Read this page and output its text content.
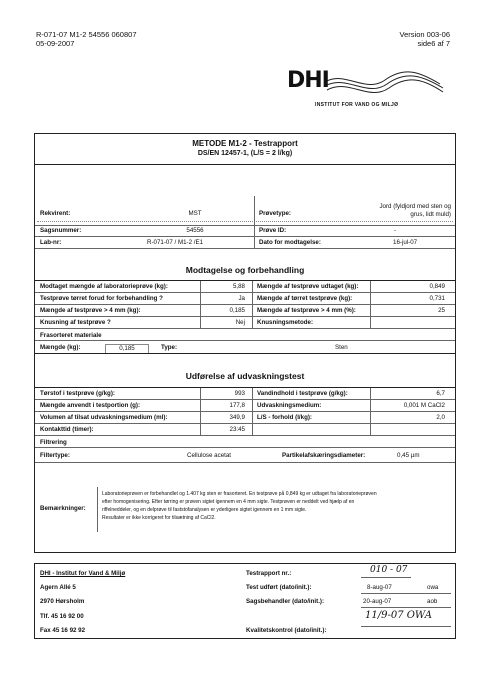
R-071-07 M1-2 54556 060807
05-09-2007
Version 003-06
side6 af 7
DHI
INSTITUT FOR VAND OG MILJØ
METODE M1-2 - Testrapport
DS/EN 12457-1, (L/S = 2 l/kg)
Rekvirent:	MST	Prøvetype:
Jord (fyldjord med sten og grus, lidt muld)
Sagsnummer:	54556	Prøve ID:	-
Lab-nr:	R-071-07 / M1-2 /E1	Dato for modtagelse:	16-jul-07
Modtagelse og forbehandling
Modtaget mængde af laboratorieprøve (kg):	5,88 Mængde af testprøve udtaget (kg):	0,849
Testprøve tørret forud for forbehandling ?	Ja Mængde af tørret testprøve (kg):	0,731
Mængde af testprøve > 4 mm (kg):	0,185 Mængde af testprøve > 4 mm (%):	25
Knusning af testprøve ?	Nej Knusningsmetode:
Frasorteret materiale
Mængde (kg):	0,185	Type:	Sten
Udførelse af udvaskningstest
Tørstof i testprøve (g/kg):	993 Vandindhold i testprøve (g/kg):	6,7
Mængde anvendt i testportion (g):	177,8 Udvaskningsmedium:	0,001 M CaCl2
Volumen af tilsat udvaskningsmedium (ml):	349,9 L/S - forhold (l/kg):	2,0
Kontakttid (timer):	23:45
Filtrering
Filtertype:	Cellulose acetat	Partikelafskæringsdiameter:	0,45 µm
Bemærkninger:
Laboratorieprøven er forbehandlet og 1.407 kg sten er frasorteret. En testprøve på 0,849 kg er udtaget fra laboratorieprøven
efter homogenisering. Efter tørring er prøven sigtet igennem en 4 mm sigte. Testprøven er neddelt ved hjælp af en
riffelneddeler, og en delprøve til faststofanalysen er yderligere sigtet igennem en 1 mm sigte.
Resultater er ikke korrigeret for tilsætning af CaCl2.
DHI - Institut for Vand & Miljø
Agern Allé 5
2970 Hørsholm
Tlf. 45 16 92 00
Fax 45 16 92 92
Testrapport nr.:	010 - 07
Test udført (dato/init.):	8-aug-07	owa
Sagsbehandler (dato/init.):	20-aug-07	aob
11/9-07 OWA
Kvalitetskontrol (dato/init.):
